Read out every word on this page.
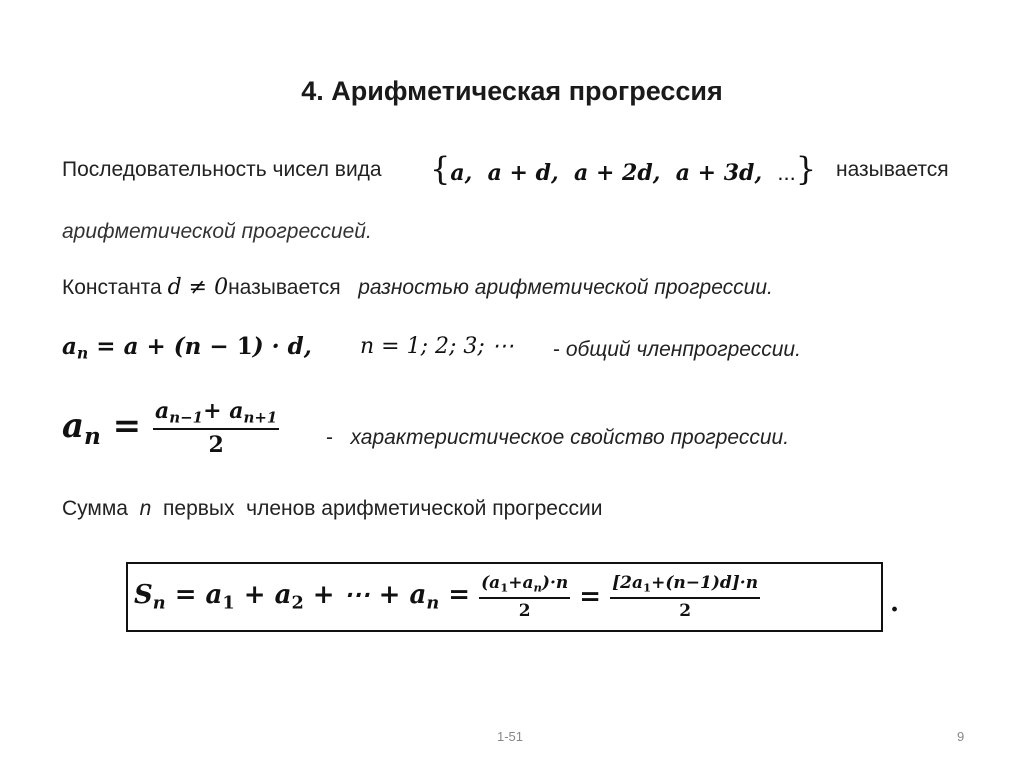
4. Арифметическая прогрессия
Последовательность чисел вида {a,  a + d,  a + 2d,  a + 3d,  ...} называется
арифметической прогрессией.
Константа d ≠ 0называется разностью арифметической прогрессии.
$a_n = a + (n - 1) \cdot d$, n = 1; 2; 3; ⋯ - общий членпрогрессии.
$a_n = \frac{a_{n-1}+ a_{n+1}}{2}$ - характеристическое свойство прогрессии.
Сумма  n  первых  членов арифметической прогрессии
$S_n = a_1 + a_2$ + ⋯ + $a_n = \frac{(a_1+a_n)\cdot n}{2} = \frac{[2a_1+(n-1)d]\cdot n}{2}$	.
1-51	9
